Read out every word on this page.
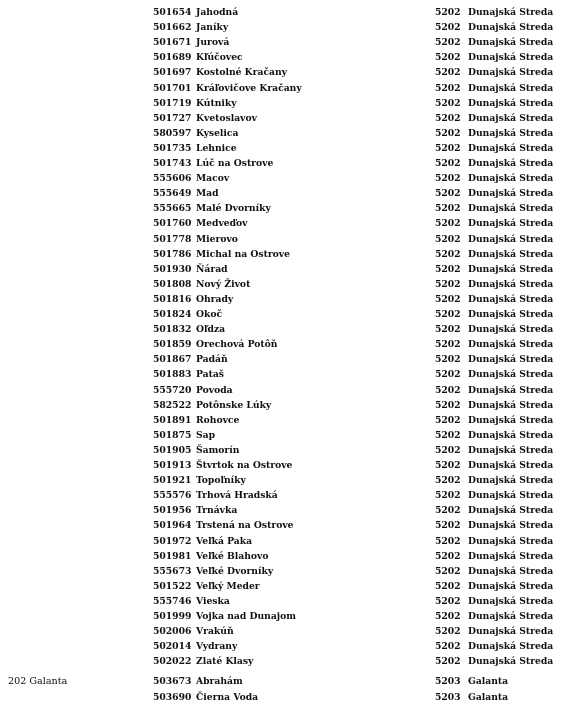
501654 Jahodná	5202 Dunajská Streda
501662 Janíky	5202 Dunajská Streda
501671 Jurová	5202 Dunajská Streda
501689 Kľúčovec	5202 Dunajská Streda
501697 Kostolné Kračany	5202 Dunajská Streda
501701 Kráľovičove Kračany	5202 Dunajská Streda
501719 Kútniky	5202 Dunajská Streda
501727 Kvetoslavov	5202 Dunajská Streda
580597 Kyselica	5202 Dunajská Streda
501735 Lehnice	5202 Dunajská Streda
501743 Lúč na Ostrove	5202 Dunajská Streda
555606 Macov	5202 Dunajská Streda
555649 Mad	5202 Dunajská Streda
555665 Malé Dvorníky	5202 Dunajská Streda
501760 Medveďov	5202 Dunajská Streda
501778 Mierovo	5202 Dunajská Streda
501786 Michal na Ostrove	5202 Dunajská Streda
501930 Ňárad	5202 Dunajská Streda
501808 Nový Život	5202 Dunajská Streda
501816 Ohrady	5202 Dunajská Streda
501824 Okoč	5202 Dunajská Streda
501832 Oľdza	5202 Dunajská Streda
501859 Orechová Potôň	5202 Dunajská Streda
501867 Padáň	5202 Dunajská Streda
501883 Pataš	5202 Dunajská Streda
555720 Povoda	5202 Dunajská Streda
582522 Potônske Lúky	5202 Dunajská Streda
501891 Rohovce	5202 Dunajská Streda
501875 Sap	5202 Dunajská Streda
501905 Šamorín	5202 Dunajská Streda
501913 Štvrtok na Ostrove	5202 Dunajská Streda
501921 Topoľníky	5202 Dunajská Streda
555576 Trhová Hradská	5202 Dunajská Streda
501956 Trnávka	5202 Dunajská Streda
501964 Trstená na Ostrove	5202 Dunajská Streda
501972 Veľká Paka	5202 Dunajská Streda
501981 Veľké Blahovo	5202 Dunajská Streda
555673 Veľké Dvorníky	5202 Dunajská Streda
501522 Veľký Meder	5202 Dunajská Streda
555746 Vieska	5202 Dunajská Streda
501999 Vojka nad Dunajom	5202 Dunajská Streda
502006 Vrakúň	5202 Dunajská Streda
502014 Vydrany	5202 Dunajská Streda
502022 Zlaté Klasy	5202 Dunajská Streda
202 Galanta	503673 Abrahám	5203 Galanta
503690 Čierna Voda	5203 Galanta
